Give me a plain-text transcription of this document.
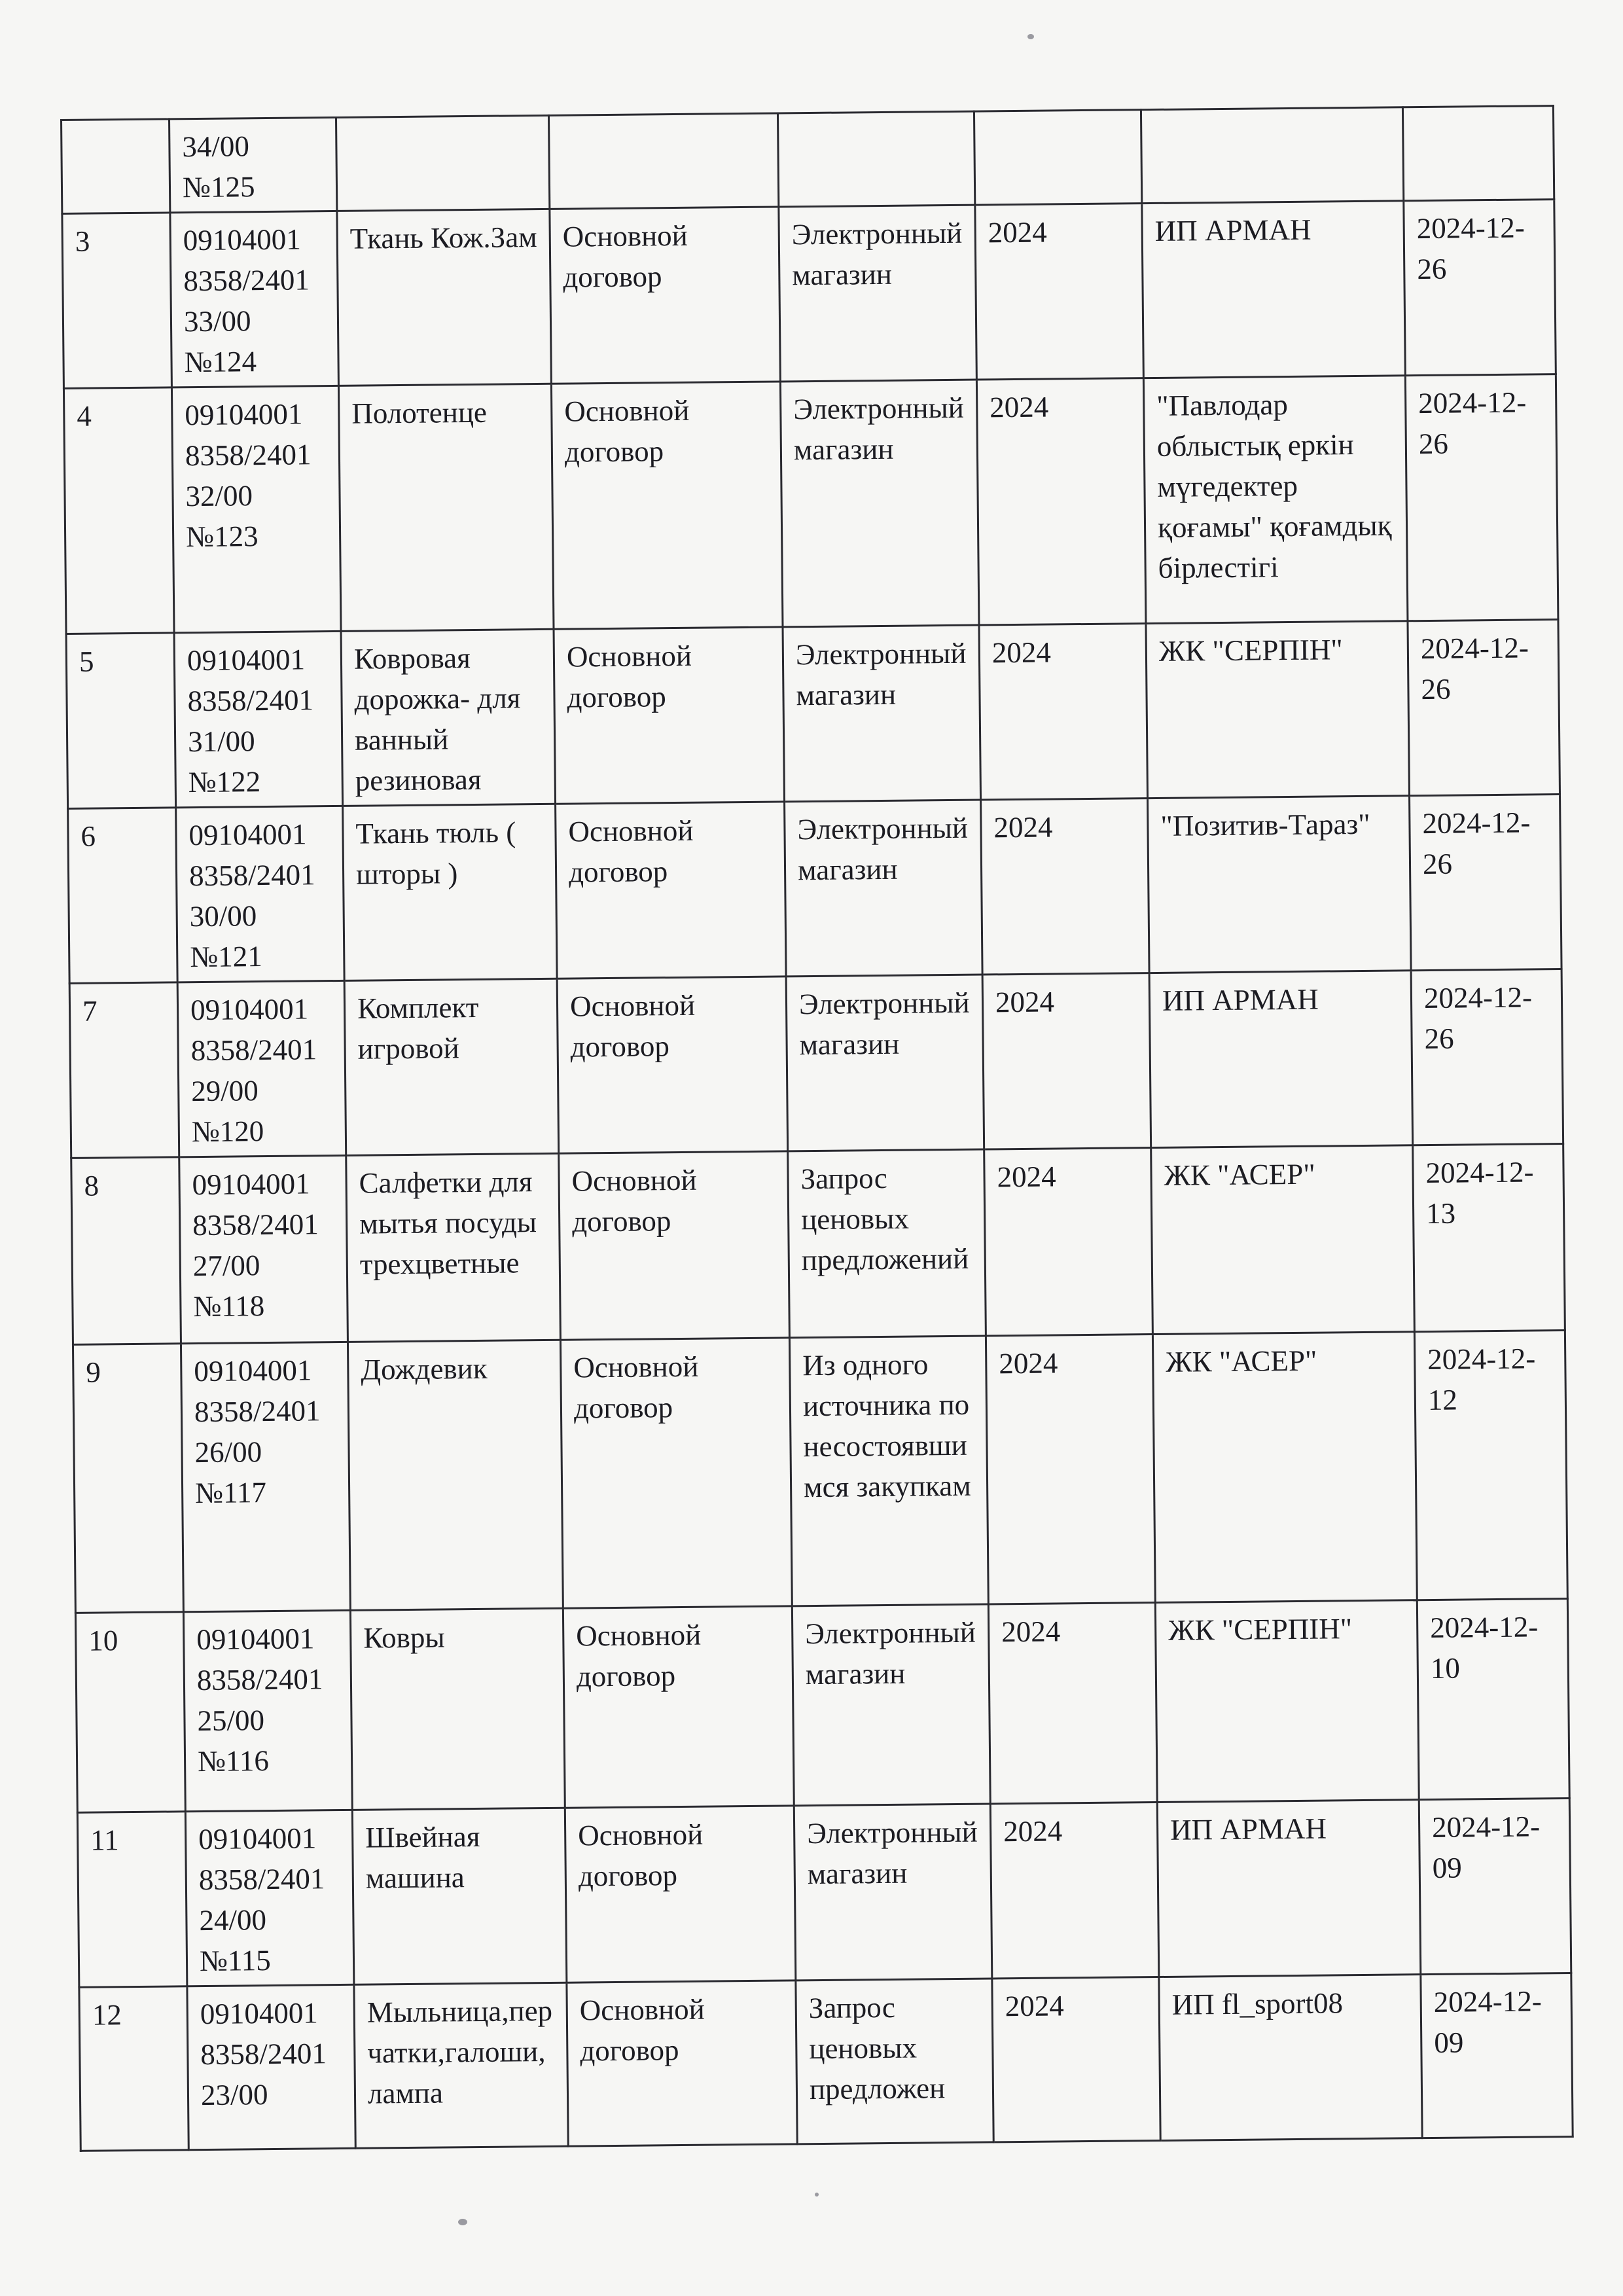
	34/00 №125						
3	09104001 8358/2401 33/00 №124	Ткань Кож.Зам	Основной договор	Электронный магазин	2024	ИП АРМАН	2024-12-26
4	09104001 8358/2401 32/00 №123	Полотенце	Основной договор	Электронный магазин	2024	"Павлодар облыстық еркін мүгедектер қоғамы" қоғамдық бірлестігі	2024-12-26
5	09104001 8358/2401 31/00 №122	Ковровая дорожка- для ванный резиновая	Основной договор	Электронный магазин	2024	ЖК "СЕРПІН"	2024-12-26
6	09104001 8358/2401 30/00 №121	Ткань тюль ( шторы )	Основной договор	Электронный магазин	2024	"Позитив-Тараз"	2024-12-26
7	09104001 8358/2401 29/00 №120	Комплект игровой	Основной договор	Электронный магазин	2024	ИП АРМАН	2024-12-26
8	09104001 8358/2401 27/00 №118	Салфетки для мытья посуды трехцветные	Основной договор	Запрос ценовых предложений	2024	ЖК "АСЕР"	2024-12-13
9	09104001 8358/2401 26/00 №117	Дождевик	Основной договор	Из одного источника по несостоявшимся закупкам	2024	ЖК "АСЕР"	2024-12-12
10	09104001 8358/2401 25/00 №116	Ковры	Основной договор	Электронный магазин	2024	ЖК "СЕРПІН"	2024-12-10
11	09104001 8358/2401 24/00 №115	Швейная машина	Основной договор	Электронный магазин	2024	ИП АРМАН	2024-12-09
12	09104001 8358/2401 23/00	Мыльница,перчатки,галоши,лампа	Основной договор	Запрос ценовых предложен	2024	ИП fl_sport08	2024-12-09
